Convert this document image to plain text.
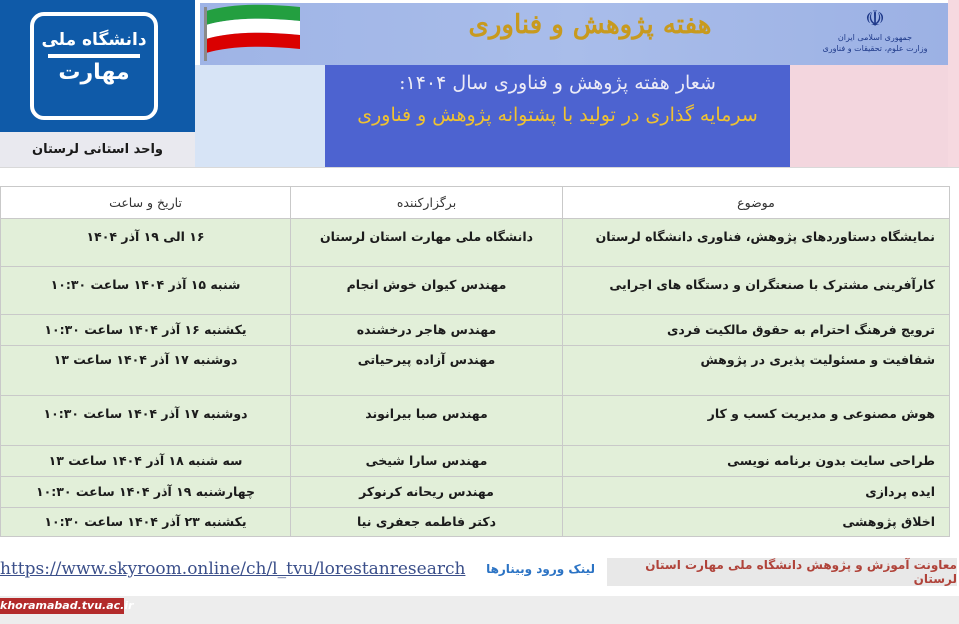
دانشگاه ملی
مهارت
واحد استانی لرستان
هفته پژوهش و فناوری	☫
جمهوری اسلامی ایران
وزارت علوم، تحقیقات و فناوری
شعار هفته پژوهش و فناوری سال ۱۴۰۴:
سرمایه گذاری در تولید با پشتوانه پژوهش و فناوری
موضوع	برگزارکننده	تاریخ و ساعت
نمایشگاه دستاوردهای پژوهش، فناوری دانشگاه لرستان	دانشگاه ملی مهارت استان لرستان	۱۶ الی ۱۹ آذر ۱۴۰۴
کارآفرینی مشترک با صنعتگران و دستگاه های اجرایی	مهندس کیوان خوش انجام	شنبه ۱۵ آذر ۱۴۰۴ ساعت ۱۰:۳۰
ترویج فرهنگ احترام به حقوق مالکیت فردی	مهندس هاجر درخشنده	یکشنبه ۱۶ آذر ۱۴۰۴ ساعت ۱۰:۳۰
شفافیت و مسئولیت پذیری در پژوهش	مهندس آزاده پیرحیاتی	دوشنبه ۱۷ آذر ۱۴۰۴ ساعت ۱۳
هوش مصنوعی و مدیریت کسب و کار	مهندس صبا بیرانوند	دوشنبه ۱۷ آذر ۱۴۰۴ ساعت ۱۰:۳۰
طراحی سایت بدون برنامه نویسی	مهندس سارا شیخی	سه شنبه ۱۸ آذر ۱۴۰۴ ساعت ۱۳
ایده پردازی	مهندس ریحانه کرنوکر	چهارشنبه ۱۹ آذر ۱۴۰۴ ساعت ۱۰:۳۰
اخلاق پژوهشی	دکتر فاطمه جعفری نیا	یکشنبه ۲۳ آذر ۱۴۰۴ ساعت ۱۰:۳۰
https://www.skyroom.online/ch/l_tvu/lorestanresearch	لینک ورود وبینارها	معاونت آموزش و پژوهش دانشگاه ملی مهارت استان لرستان
khoramabad.tvu.ac.ir
